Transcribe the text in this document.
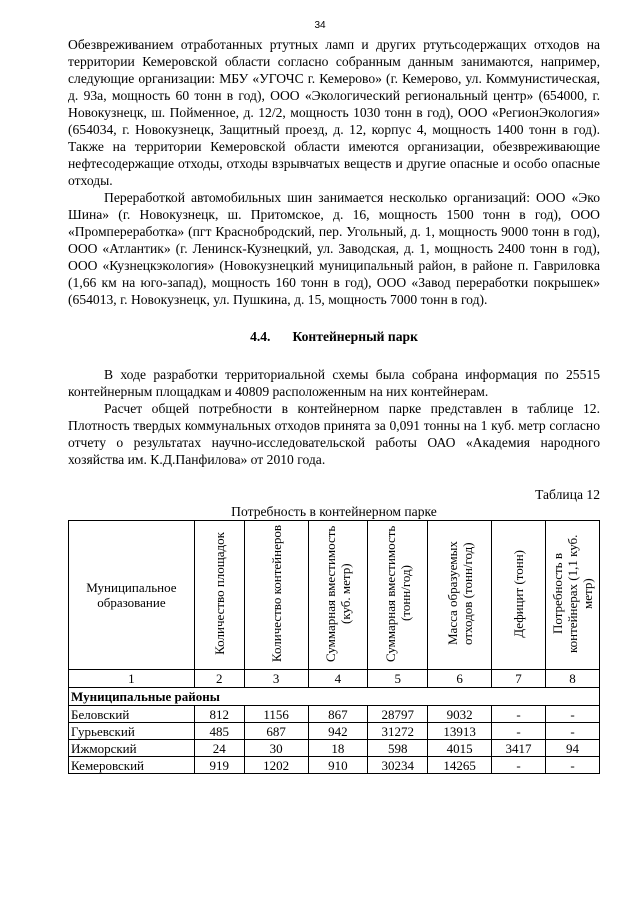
34

Обезвреживанием отработанных ртутных ламп и других ртутьсодержащих отходов на территории Кемеровской области согласно собранным данным занимаются, например, следующие организации: МБУ «УГОЧС г. Кемерово» (г. Кемерово, ул. Коммунистическая, д. 93а, мощность 60 тонн в год), ООО «Экологический региональный центр» (654000, г. Новокузнецк, ш. Пойменное, д. 12/2, мощность 1030 тонн в год), ООО «РегионЭкология» (654034, г. Новокузнецк, Защитный проезд, д. 12, корпус 4, мощность 1400 тонн в год). Также на территории Кемеровской области имеются организации, обезвреживающие нефтесодержащие отходы, отходы взрывчатых веществ и другие опасные и особо опасные отходы.

Переработкой автомобильных шин занимается несколько организаций: ООО «Эко Шина» (г. Новокузнецк, ш. Притомское, д. 16, мощность 1500 тонн в год), ООО «Промпереработка» (пгт Краснобродский, пер. Угольный, д. 1, мощность 9000 тонн в год), ООО «Атлантик» (г. Ленинск-Кузнецкий, ул. Заводская, д. 1, мощность 2400 тонн в год), ООО «Кузнецкэкология» (Новокузнецкий муниципальный район, в районе п. Гавриловка (1,66 км на юго-запад), мощность 160 тонн в год), ООО «Завод переработки покрышек» (654013, г. Новокузнецк, ул. Пушкина, д. 15, мощность 7000 тонн в год).

4.4. Контейнерный парк

В ходе разработки территориальной схемы была собрана информация по 25515 контейнерным площадкам и 40809 расположенным на них контейнерам.

Расчет общей потребности в контейнерном парке представлен в таблице 12. Плотность твердых коммунальных отходов принята за 0,091 тонны на 1 куб. метр согласно отчету о результатах научно-исследовательской работы ОАО «Академия народного хозяйства им. К.Д.Панфилова» от 2010 года.

Таблица 12
Потребность в контейнерном парке
Муниципальное образование	Количество площадок	Количество контейнеров	Суммарная вместимость (куб. метр)	Суммарная вместимость (тонн/год)	Масса образуемых отходов (тонн/год)	Дефицит (тонн)	Потребность в контейнерах (1,1 куб. метр)
1	2	3	4	5	6	7	8
Муниципальные районы							
Беловский	812	1156	867	28797	9032	-	-
Гурьевский	485	687	942	31272	13913	-	-
Ижморский	24	30	18	598	4015	3417	94
Кемеровский	919	1202	910	30234	14265	-	-
